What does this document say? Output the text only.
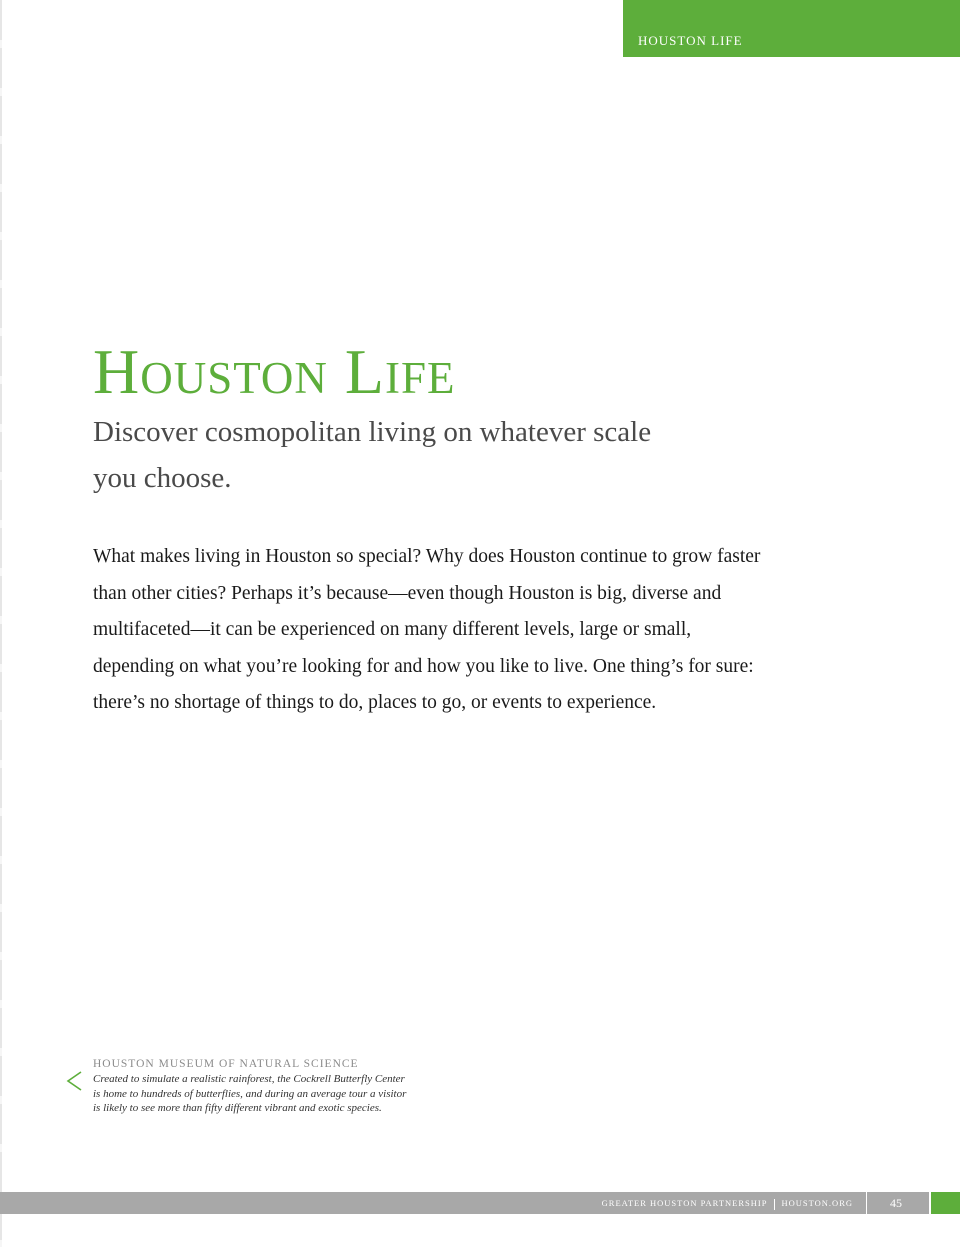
HOUSTON LIFE
Houston Life
Discover cosmopolitan living on whatever scale you choose.

What makes living in Houston so special? Why does Houston continue to grow faster than other cities? Perhaps it’s because—even though Houston is big, diverse and multifaceted—it can be experienced on many different levels, large or small, depending on what you’re looking for and how you like to live. One thing’s for sure: there’s no shortage of things to do, places to go, or events to experience.

HOUSTON MUSEUM OF NATURAL SCIENCE
Created to simulate a realistic rainforest, the Cockrell Butterfly Center is home to hundreds of butterflies, and during an average tour a visitor is likely to see more than fifty different vibrant and exotic species.
GREATER HOUSTON PARTNERSHIP HOUSTON.ORG	45
